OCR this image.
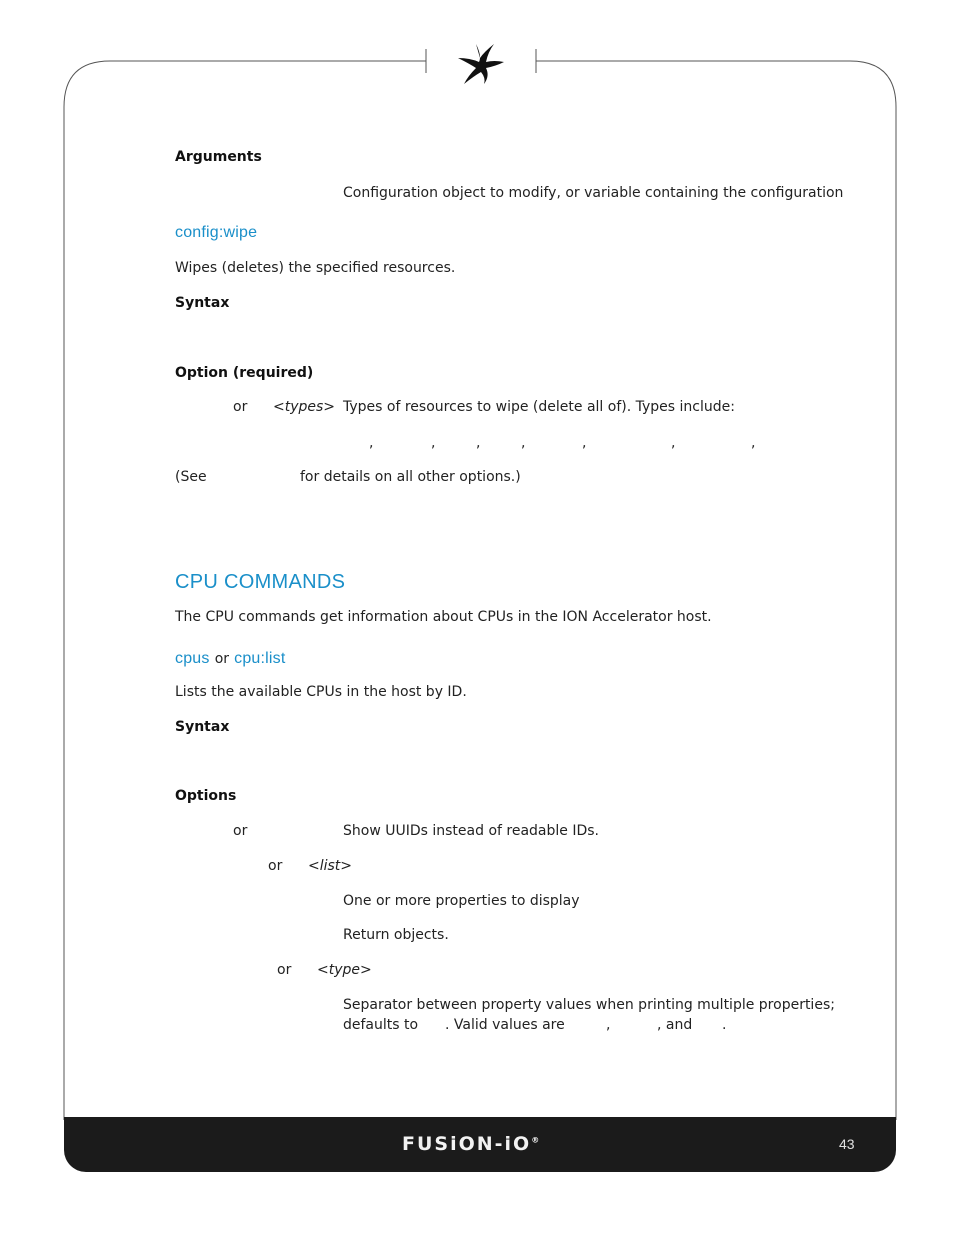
Arguments
Configuration object to modify, or variable containing the configuration
config:wipe
Wipes (deletes) the specified resources.
Syntax
Option (required)
or <types> Types of resources to wipe (delete all of). Types include:
,	,	,	,	,	,	,
(See	for details on all other options.)
CPU COMMANDS
The CPU commands get information about CPUs in the ION Accelerator host.
cpus or cpu:list
Lists the available CPUs in the host by ID.
Syntax
Options
or	Show UUIDs instead of readable IDs.
or <list>
One or more properties to display
Return objects.
or <type>
Separator between property values when printing multiple properties;
defaults to . Valid values are	,	, and .
FUSiON-iO®	43
